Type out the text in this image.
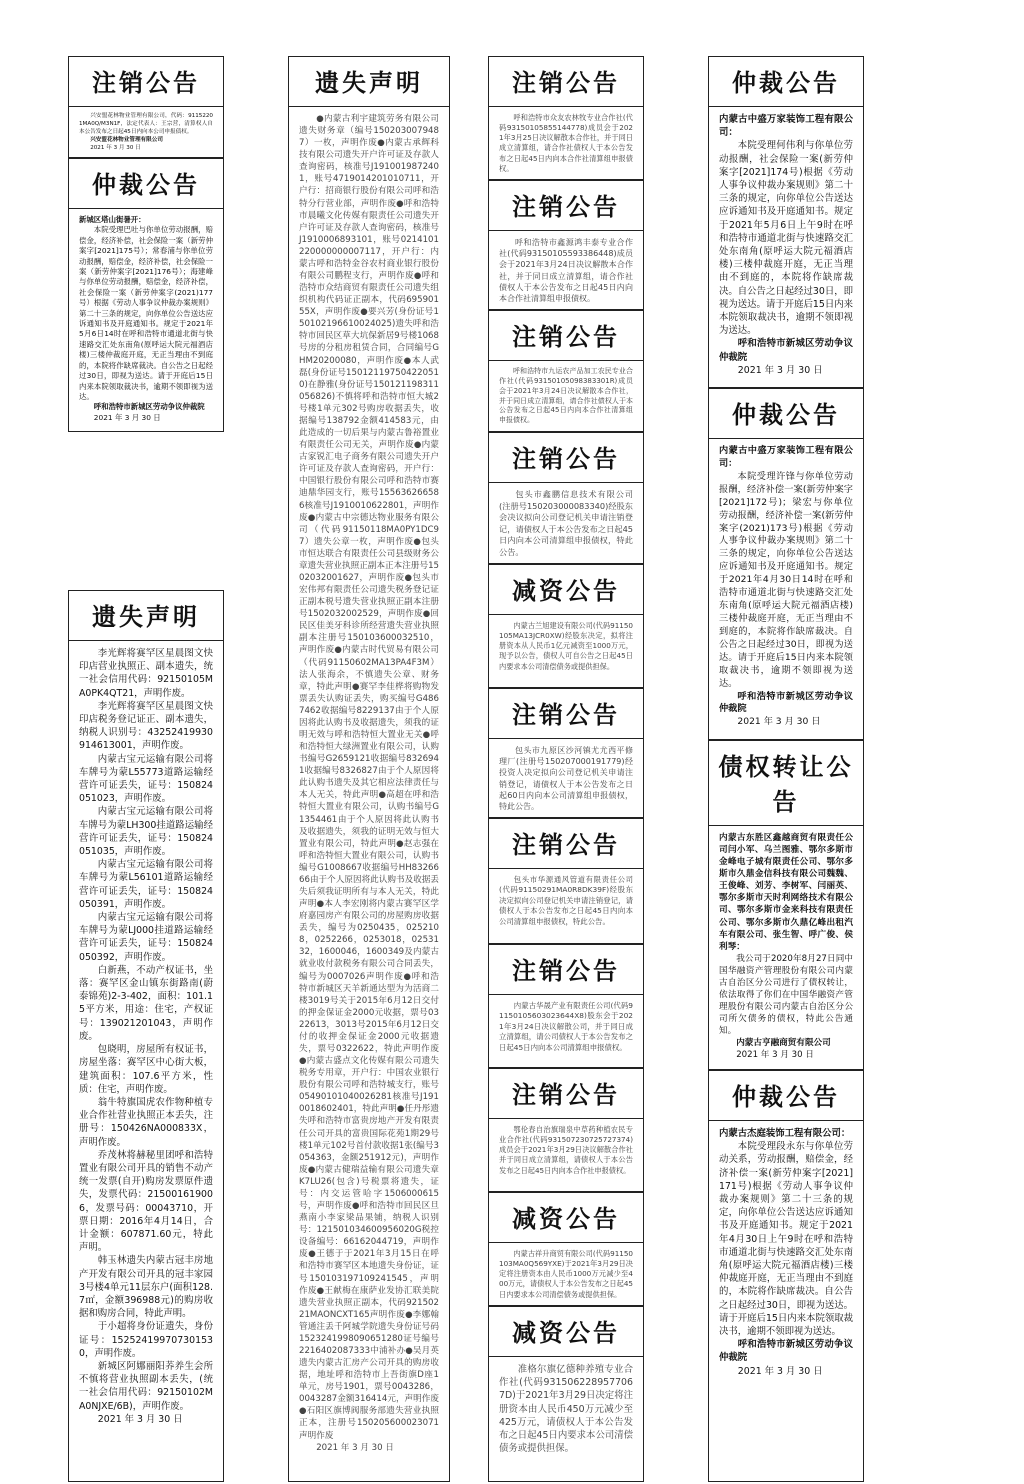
注销公告

兴安盟花林物业管理有限公司，代码：91152201MA0Q/M3N1F，法定代表人：王宗营，清算权人自本公告发布之日起45日内向本公司申报债权。

兴安盟花林物业管理有限公司

2021 年 3 月 30 日

仲裁公告

新城区塔山街暑开：

本院受理巴吐与你单位劳动报酬，赔偿金，经济补偿，社会保险一案（新劳仲案字[2021]175号）；常春浦与你单位劳动报酬，赔偿金，经济补偿，社会保险一案（新劳仲案字[2021]176号）；海建峰与你单位劳动报酬，赔偿金，经济补偿，社会保险一案（新劳仲案字(2021)177号）根据《劳动人事争议仲裁办案规则》第二十三条的规定，向你单位公告送达应诉通知书及开庭通知书。规定于2021年5月6日14时在呼和浩特市通道北街与快速路交汇处东南角(原呼运大院元福酒店楼)三楼仲裁庭开庭，无正当理由不到庭的，本院将作缺席裁决。自公告之日起经过30日，即视为送达。请于开庭后15日内来本院领取裁决书，逾期不领即视为送达。

呼和浩特市新城区劳动争议仲裁院

2021 年 3 月 30 日

遗失声明

李光辉将赛罕区星晨图文快印店营业执照正、副本遗失，统一社会信用代码：92150105MA0PK4QT21，声明作废。

李光辉将赛罕区星晨图文快印店税务登记证正、副本遗失，纳税人识别号：432524199309146130​01，声明作废。

内蒙古宝元运输有限公司将车牌号为蒙L55773道路运输经营许可证丢失，证号：150824051023，声明作废。

内蒙古宝元运输有限公司将车牌号为蒙LH300挂道路运输经营许可证丢失，证号：150824051035，声明作废。

内蒙古宝元运输有限公司将车牌号为蒙L56101道路运输经营许可证丢失，证号：150824050391，声明作废。

内蒙古宝元运输有限公司将车牌号为蒙LJ000挂道路运输经营许可证丢失，证号：150824050392，声明作废。

白新燕，不动产权证书，坐落：赛罕区金山镇东街路南(蔚泰锦苑)2-3-402，面积：101.15平方米，用途：住宅，产权证号：139021201043，声明作废。

包晓明，房屋所有权证书，房屋坐落：赛罕区中心街大板，建筑面积：107.6平方米，性质：住宅，声明作废。

翁牛特旗国虎农作物种植专业合作社营业执照正本丢失，注册号：150426NA000833X，声明作废。

乔茂林将赫秘里团呼和浩特置业有限公司开具的销售不动产统一发票(自开)购房发票原件遗失，发票代码：215001619006，发票号码：00043710，开票日期：2016年4月14日，合计金额：607871.60元，特此声明。

韩玉林遗失内蒙古冠丰房地产开发有限公司开具的冠丰家园3号楼4单元11层东户(面积128.7㎡，金额396988元)的购房收据和购房合同，特此声明。

于小超将身份证遗失，身份证号：152524199707301530，声明作废。

新城区阿娜丽阳荞养生会所不慎将营业执照副本丢失，(统一社会信用代码：92150102MA0NJXE/6B)，声明作废。

2021 年 3 月 30 日

遗失声明

●内蒙古利宇建筑劳务有限公司遗失财务章（编号1502030079487）一枚，声明作废●内蒙古承辉科技有限公司遗失开户许可证及存款人查询密码，核准号J1910019872401，账号4719014201010711，开户行：招商银行股份有限公司呼和浩特分行营业部，声明作废●呼和浩特市晨曦文化传媒有限责任公司遗失开户许可证及存款人查询密码，核准号J1910006893101，账号0214101220000000007117，开户行：内蒙古呼和浩特金谷农村商业银行股份有限公司鹏程支行，声明作废●呼和浩特市众结商贸有限责任公司遗失组织机构代码证正副本，代码69590155X，声明作废●要兴芳(身份证号150102196610024025)遗失呼和浩特市回民区草大坑保新居9号楼1068号房的分租房租赁合同，合同编号GHM20200080，声明作废●本人武磊(身份证号150121197504220510)在静雅(身份证号150121198311056826)不慎将呼和浩特市恒大城2号楼1单元302号购房收据丢失，收据编号138792金额414583元，由此造成的一切后果与内蒙古鲁裕置业有限责任公司无关，声明作废●内蒙古家锐汇电子商务有限公司遗失开户许可证及存款人查询密码，开户行：中国银行股份有限公司呼和浩特市赛迪鼎华园支行，账号155636266586核准号J1910010622801，声明作废●内蒙古中宗德达物业服务有限公司（代码91150118MA0PY1DC97）遗失公章一枚，声明作废●包头市恒达联合有限责任公司县级财务公章遗失营业执照正副本正本注册号1502032001627，声明作废●包头市宏伟邦有限责任公司遗失税务登记证正副本税号遗失营业执照正副本注册号1502032002529，声明作废●回民区佳美牙科诊所经营遗失营业执照副本注册号150103600032510，声明作废●内蒙古时代贸易有限公司（代码91150602MA13PA4F3M）法人张海余，不慎遗失公章、财务章，特此声明●赛罕李佳桦将购物发票丢失认购证丢失，购买编号G4867462收据编号8229137由于个人原因将此认购书及收据遗失，须我的证明无效与呼和浩特恒大置业无关●呼和浩特恒大绿洲置业有限公司，认购书编号G2659121收据编号8326941收据编号8326827由于个人原因将此认购书遗失及其它相应法律责任与本人无关，特此声明●高超在呼和浩特恒大置业有限公司，认购书编号G1354461由于个人原因将此认购书及收据遗失，须我的证明无效与恒大置业有限公司，特此声明●赵志强在呼和浩特恒大置业有限公司，认购书编号G1008667收据编号HH8326666由于个人原因将此认购书及收据丢失后须我证明所有与本人无关，特此声明●本人李宏刚将内蒙古赛罕区学府嘉园房产有限公司的房屋购房收据丢失，编号为0250435，0252108，0252266，0253018，0253132，1600046，1600349及内蒙古就业收付款税务有限公司合同丢失，编号为0007026声明作废●呼和浩特市新城区天羊新通达型为为活商二楼3019号关于2015年6月12日交付的押金保证金2000元收据，票号0322613，3013号2015年6月12日交付的收押金保证金2000元收据遗失，票号0322622，特此声明作废●内蒙古盛点文化传媒有限公司遗失税务专用章，开户行：中国农业银行股份有限公司呼和浩特城支行，账号05490101040026281核准号J1910018602401，特此声明●任丹彤遗失呼和浩特市富贵房地产开发有限责任公司开具的富贵国际花苑1期29号楼1单元102号首付款收据1张(编号3054363，金额251912元)，声明作废●内蒙古健瑞益输有限公司遗失章K7LU26(包含)号税票将遗失，证号：内交运管哈字1506000615号，声明作废●呼和浩特市回民区旦燕南小李家梁品果铺，纳税人识别号：121501034600956020G税控设备编号：66162044719，声明作废●王德于于2021年3月15日在呼和浩特市赛罕区本地遗失身份证，证号150103197109241545，声明作废●王献梅在康萨业发协汇联美院遗失营业执照正副本，代码92150221MAONCXT165声明作废●李娜翰管通注丢千阿城学院遗失身份证号码1523241998090651280证号编号2216402087333中浦补办●吴月英遗失内蒙古汇房产公司开具的购房收据，地址呼和浩特市上吾街旗D座1单元，房号1901，票号0043286，0043287金额316414元，声明作废●石阳区旗博阀服务部遗失营业执照正本，注册号150205600023071声明作废

2021 年 3 月 30 日

注销公告

呼和浩特市众友农林牧专业合作社(代码93150105855144778)成员会于2021年3月25日决议解散本合作社，并于同日成立清算组，请合作社债权人于本公告发布之日起45日内向本合作社清算组申报债权。

注销公告

呼和浩特市鑫源鸿丰泰专业合作社(代码93150105593386448)成员会于2021年3月24日决议解散本合作社，并于同日成立清算组，请合作社债权人于本公告发布之日起45日内向本合作社清算组申报债权。

注销公告

呼和浩特市九运农产品加工农民专业合作社(代码93150105098383301R)成员会于2021年3月24日决议解散本合作社，并于同日成立清算组，请合作社债权人于本公告发布之日起45日内向本合作社清算组申报债权。

注销公告

包头市鑫鹏信息技术有限公司(注册号150203000083340)经股东会决议拟向公司登记机关申请注销登记，请债权人于本公告发布之日起45日内向本公司清算组申报债权，特此公告。

减资公告

内蒙古兰旭建设有限公司(代码91150105MA13JCR0XW)经股东决定，拟将注册资本从人民币1亿元减资至1000万元，现予以公告，债权人可自公告之日起45日内要求本公司清偿债务或提供担保。

注销公告

包头市九原区沙河镇尤尤西平修理厂(注册号150207000191779)经投资人决定拟向公司登记机关申请注销登记，请债权人于本公告发布之日起60日内向本公司清算组申报债权，特此公告。

注销公告

包头市华源通风管道有限责任公司(代码91150291MA0R8DK39F)经股东决定拟向公司登记机关申请注销登记，请债权人于本公告发布之日起45日内向本公司清算组申报债权，特此公告。

注销公告

内蒙古华晟产业有限责任公司(代码91150105603023644X8)股东会于2021年3月24日决议解散公司，并于同日成立清算组，请公司债权人于本公告发布之日起45日内向本公司清算组申报债权。

注销公告

鄂伦春自治旗瑞泉中草药种植农民专业合作社(代码931507230725727374)成员会于2021年3月29日决议解散合作社并于同日成立清算组，请债权人于本公告发布之日起45日内向本合作社申报债权。

减资公告

内蒙古祥升商贸有限公司(代码91150103MA0Q569YXE)于2021年3月29日决定将注册资本由人民币1000万元减少至400万元，请债权人于本公告发布之日起45日内要求本公司清偿债务或提供担保。

减资公告

准格尔旗亿德种养殖专业合作社(代码931506228957706​7D)于2021年3月29日决定将注册资本由人民币450万元减少至425万元，请债权人于本公告发布之日起45日内要求本公司清偿债务或提供担保。

仲裁公告

内蒙古中盛万家装饰工程有限公司：

本院受理何伟利与你单位劳动报酬，社会保险一案(新劳仲案字[2021]174号)根据《劳动人事争议仲裁办案规则》第二十三条的规定，向你单位公告送达应诉通知书及开庭通知书。规定于2021年5月6日上午9时在呼和浩特市通道北街与快速路交汇处东南角(原呼运大院元福酒店楼)三楼仲裁庭开庭，无正当理由不到庭的，本院将作缺席裁决。自公告之日起经过30日，即视为送达。请于开庭后15日内来本院领取裁决书，逾期不领即视为送达。

呼和浩特市新城区劳动争议仲裁院

2021 年 3 月 30 日

仲裁公告

内蒙古中盛万家装饰工程有限公司：

本院受理许锋与你单位劳动报酬，经济补偿一案(新劳仲案字[2021]172号)；梁宏与你单位劳动报酬，经济补偿一案(新劳仲案字(2021)173号)根据《劳动人事争议仲裁办案规则》第二十三条的规定，向你单位公告送达应诉通知书及开庭通知书。规定于2021年4月30日14时在呼和浩特市通道北街与快速路交汇处东南角(原呼运大院元福酒店楼)三楼仲裁庭开庭，无正当理由不到庭的，本院将作缺席裁决。自公告之日起经过30日，即视为送达。请于开庭后15日内来本院领取裁决书，逾期不领即视为送达。

呼和浩特市新城区劳动争议仲裁院

2021 年 3 月 30 日

债权转让公告

内蒙古东胜区鑫越商贸有限责任公司闫小军、乌兰图雅、鄂尔多斯市金峰电子城有限责任公司、鄂尔多斯市久鼎金信科技有限公司魏魏、王俊峰、刘芳、李树军、闫丽英、鄂尔多斯市天时利网络技术有限公司、鄂尔多斯市金来科技有限责任公司、鄂尔多斯市久鼎亿峰出租汽车有限公司、张生智、呼广俊、侯利琴：

我公司于2020年8月27日同中国华融资产管理股份有限公司内蒙古自治区分公司进行了债权转让，依法取得了你们在中国华融资产管理股份有限公司内蒙古自治区分公司所欠债务的债权，特此公告通知。

内蒙古亨融商贸有限公司

2021 年 3 月 30 日

仲裁公告

内蒙古杰庭装饰工程有限公司：

本院受理段永东与你单位劳动关系，劳动报酬，赔偿金，经济补偿一案(新劳仲案字[2021]171号)根据《劳动人事争议仲裁办案规则》第二十三条的规定，向你单位公告送达应诉通知书及开庭通知书。规定于2021年4月30日上午9时在呼和浩特市通道北街与快速路交汇处东南角(原呼运大院元福酒店楼)三楼仲裁庭开庭，无正当理由不到庭的，本院将作缺席裁决。自公告之日起经过30日，即视为送达。请于开庭后15日内来本院领取裁决书，逾期不领即视为送达。

呼和浩特市新城区劳动争议仲裁院

2021 年 3 月 30 日
